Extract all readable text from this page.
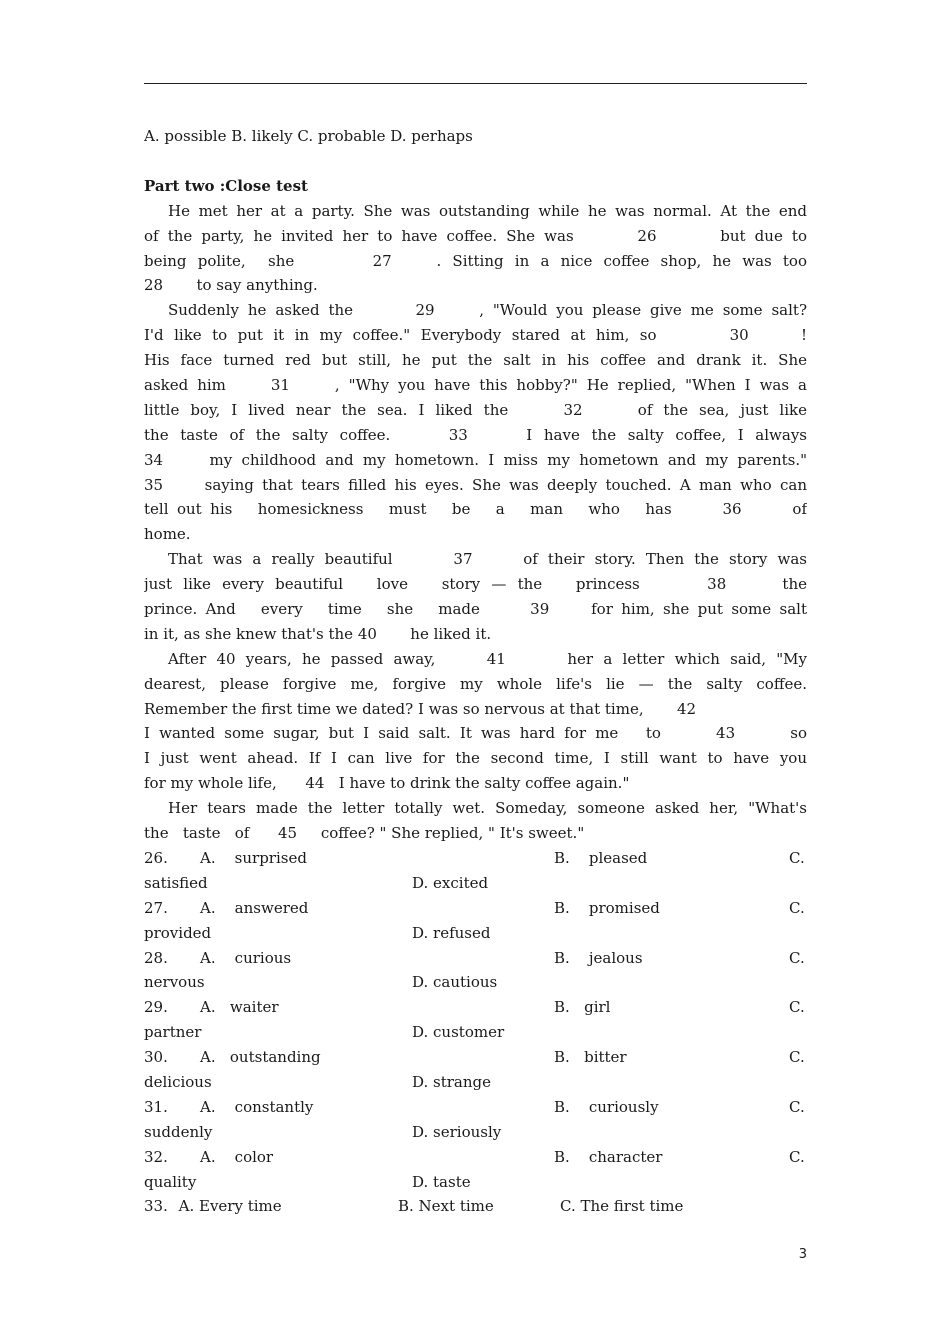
A. possible B. likely C. probable D. perhaps
Part two :Close test
He met her at a party. She was outstanding while he was normal. At the end
of the party, he invited her to have coffee. She was       26       but due to
being polite,  she       27    . Sitting in a nice coffee shop, he was too
28       to say anything.
Suddenly he asked the       29     , "Would you please give me some salt?
I'd like to put it in my coffee." Everybody stared at him, so       30     !
His face turned red but still, he put the salt in his coffee and drank it. She
asked him     31     , "Why you have this hobby?" He replied, "When I was a
little boy, I lived near the sea. I liked the     32     of the sea, just like
the taste of the salty coffee.     33     I have the salty coffee, I always
34     my childhood and my hometown. I miss my hometown and my parents."
35     saying that tears filled his eyes. She was deeply touched. A man who can
tell out his   homesickness   must   be   a   man   who   has      36      of
home.
That was a really beautiful      37     of their story. Then the story was
just like every beautiful   love   story — the   princess      38     the
prince. And   every   time   she   made      39     for him, she put some salt
in it, as she knew that's the 40       he liked it.
After 40 years, he passed away,     41      her a letter which said, "My
dearest, please forgive me, forgive my whole life's lie — the salty coffee.
Remember the first time we dated? I was so nervous at that time,       42
I wanted some sugar, but I said salt. It was hard for me   to      43      so
I just went ahead. If I can live for the second time, I still want to have you
for my whole life,      44   I have to drink the salty coffee again."
Her tears made the letter totally wet. Someday, someone asked her, "What's
the   taste   of      45     coffee? " She replied, " It's sweet."
26. A.    surprised	B.    pleased	C.
satisfied	D. excited
27. A.    answered	B.    promised	C.
provided	D. refused
28. A.    curious	B.    jealous	C.
nervous	D. cautious
29. A.   waiter	B.   girl	C.
partner	D. customer
30. A.   outstanding	B.   bitter	C.
delicious	D. strange
31. A.    constantly	B.    curiously	C.
suddenly	D. seriously
32. A.    color	B.    character	C.
quality	D. taste
33. A. Every time	B. Next time	C. The first time
3
